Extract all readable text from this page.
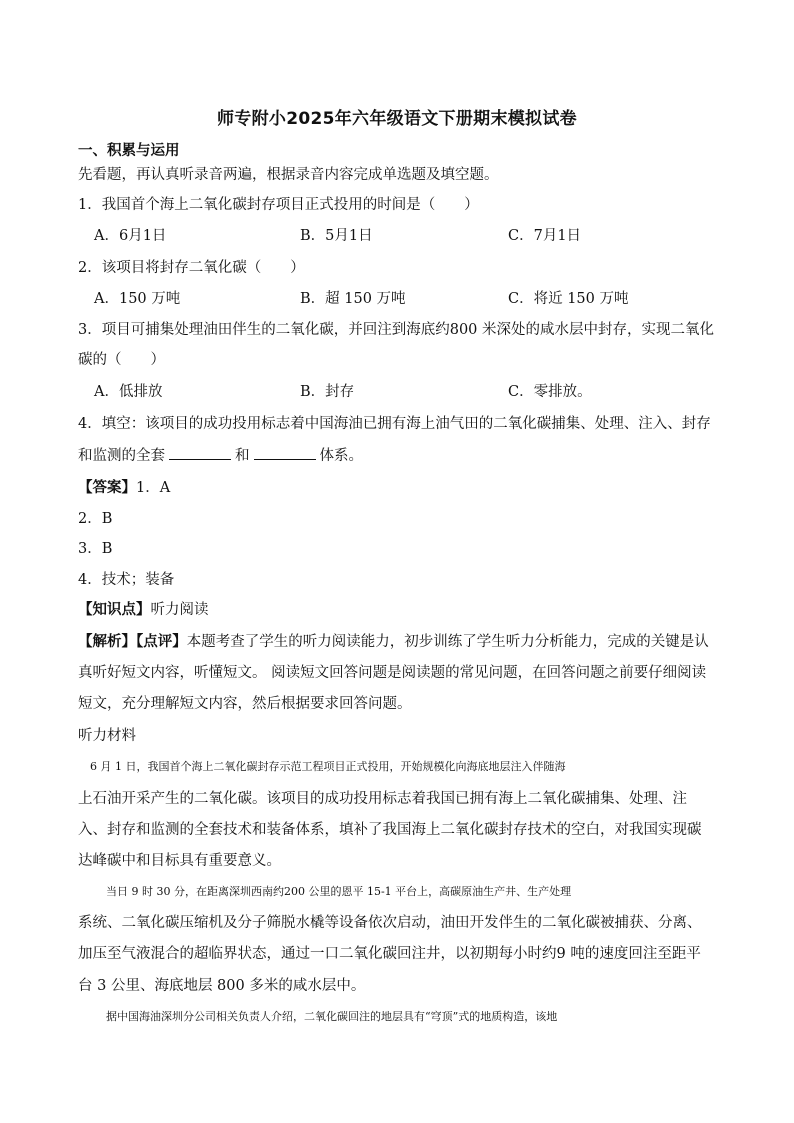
师专附小2025年六年级语文下册期末模拟试卷
一、积累与运用
先看题，再认真听录音两遍，根据录音内容完成单选题及填空题。
1．我国首个海上二氧化碳封存项目正式投用的时间是（　　）
A．6月1日	B．5月1日	C．7月1日
2．该项目将封存二氧化碳（　　）
A．150 万吨	B．超 150 万吨	C．将近 150 万吨
3．项目可捕集处理油田伴生的二氧化碳，并回注到海底约800 米深处的咸水层中封存，实现二氧化
碳的（　　）
A．低排放	B．封存	C．零排放。
4．填空：该项目的成功投用标志着中国海油已拥有海上油气田的二氧化碳捕集、处理、注入、封存
和监测的全套	和	体系。
【答案】1．A
2．B
3．B
4．技术；装备
【知识点】听力阅读
【解析】【点评】本题考查了学生的听力阅读能力，初步训练了学生听力分析能力，完成的关键是认
真听好短文内容，听懂短文。 阅读短文回答问题是阅读题的常见问题，在回答问题之前要仔细阅读
短文，充分理解短文内容，然后根据要求回答问题。
听力材料
6 月 1 日，我国首个海上二氧化碳封存示范工程项目正式投用，开始规模化向海底地层注入伴随海
上石油开采产生的二氧化碳。该项目的成功投用标志着我国已拥有海上二氧化碳捕集、处理、注
入、封存和监测的全套技术和装备体系，填补了我国海上二氧化碳封存技术的空白，对我国实现碳
达峰碳中和目标具有重要意义。
当日 9 时 30 分，在距离深圳西南约200 公里的恩平 15-1 平台上，高碳原油生产井、生产处理
系统、二氧化碳压缩机及分子筛脱水橇等设备依次启动，油田开发伴生的二氧化碳被捕获、分离、
加压至气液混合的超临界状态，通过一口二氧化碳回注井，以初期每小时约9 吨的速度回注至距平
台 3 公里、海底地层 800 多米的咸水层中。
据中国海油深圳分公司相关负责人介绍，二氧化碳回注的地层具有“穹顶”式的地质构造，该地
